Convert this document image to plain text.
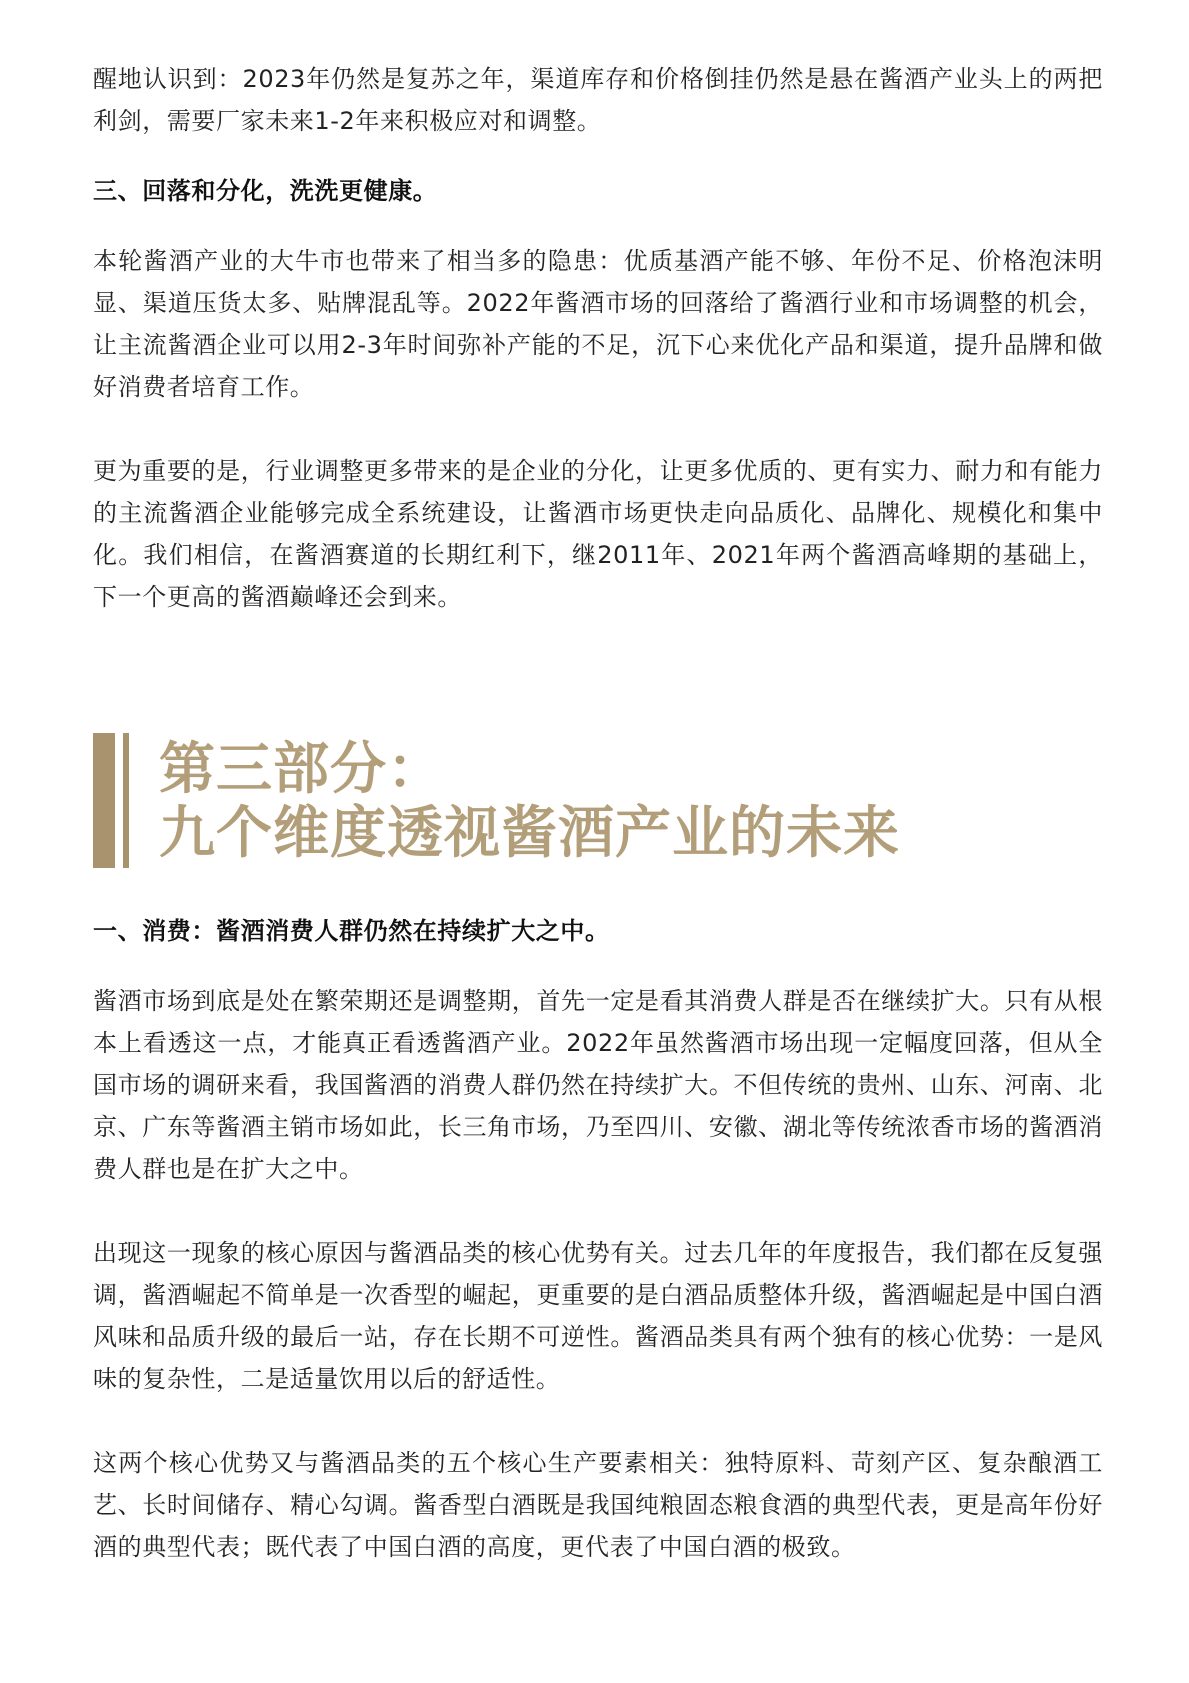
醒地认识到：2023年仍然是复苏之年，渠道库存和价格倒挂仍然是悬在酱酒产业头上的两把利剑，需要厂家未来1-2年来积极应对和调整。

三、回落和分化，洗洗更健康。

本轮酱酒产业的大牛市也带来了相当多的隐患：优质基酒产能不够、年份不足、价格泡沫明显、渠道压货太多、贴牌混乱等。2022年酱酒市场的回落给了酱酒行业和市场调整的机会，让主流酱酒企业可以用2-3年时间弥补产能的不足，沉下心来优化产品和渠道，提升品牌和做好消费者培育工作。

更为重要的是，行业调整更多带来的是企业的分化，让更多优质的、更有实力、耐力和有能力的主流酱酒企业能够完成全系统建设，让酱酒市场更快走向品质化、品牌化、规模化和集中化。我们相信，在酱酒赛道的长期红利下，继2011年、2021年两个酱酒高峰期的基础上，下一个更高的酱酒巅峰还会到来。

第三部分：
九个维度透视酱酒产业的未来

一、消费：酱酒消费人群仍然在持续扩大之中。

酱酒市场到底是处在繁荣期还是调整期，首先一定是看其消费人群是否在继续扩大。只有从根本上看透这一点，才能真正看透酱酒产业。2022年虽然酱酒市场出现一定幅度回落，但从全国市场的调研来看，我国酱酒的消费人群仍然在持续扩大。不但传统的贵州、山东、河南、北京、广东等酱酒主销市场如此，长三角市场，乃至四川、安徽、湖北等传统浓香市场的酱酒消费人群也是在扩大之中。

出现这一现象的核心原因与酱酒品类的核心优势有关。过去几年的年度报告，我们都在反复强调，酱酒崛起不简单是一次香型的崛起，更重要的是白酒品质整体升级，酱酒崛起是中国白酒风味和品质升级的最后一站，存在长期不可逆性。酱酒品类具有两个独有的核心优势：一是风味的复杂性，二是适量饮用以后的舒适性。

这两个核心优势又与酱酒品类的五个核心生产要素相关：独特原料、苛刻产区、复杂酿酒工艺、长时间储存、精心勾调。酱香型白酒既是我国纯粮固态粮食酒的典型代表，更是高年份好酒的典型代表；既代表了中国白酒的高度，更代表了中国白酒的极致。
